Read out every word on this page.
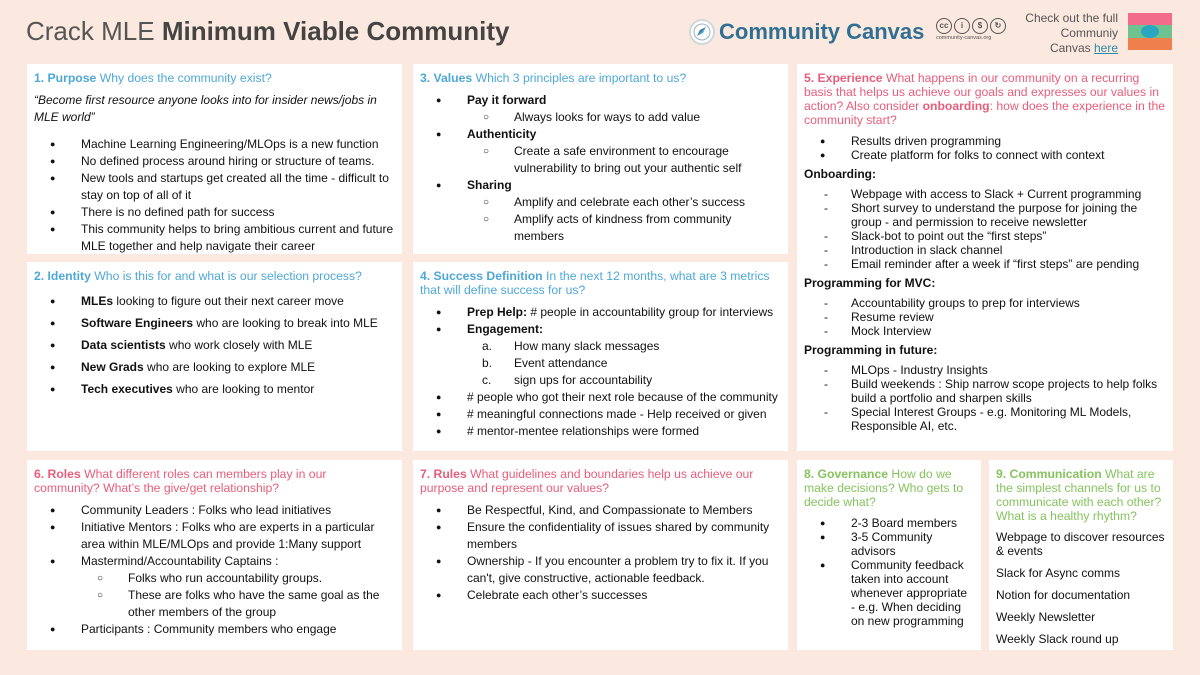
Crack MLE Minimum Viable Community	Community Canvas	cc	i	$	↻
community-canvas.org
Check out the full Communiy Canvas here
1. Purpose Why does the community exist?
“Become first resource anyone looks into for insider news/jobs in MLE world”
● Machine Learning Engineering/MLOps is a new function
● No defined process around hiring or structure of teams.
● New tools and startups get created all the time - difficult to stay on top of all of it
● There is no defined path for success
● This community helps to bring ambitious current and future MLE together and help navigate their career
3. Values Which 3 principles are important to us?
● Pay it forward
○ Always looks for ways to add value
● Authenticity
○ Create a safe environment to encourage vulnerability to bring out your authentic self
● Sharing
○ Amplify and celebrate each other’s success
○ Amplify acts of kindness from community members
5. Experience What happens in our community on a recurring basis that helps us achieve our goals and expresses our values in action? Also consider onboarding: how does the experience in the community start?
● Results driven programming
● Create platform for folks to connect with context
Onboarding:
- Webpage with access to Slack + Current programming
- Short survey to understand the purpose for joining the group - and permission to receive newsletter
- Slack-bot to point out the “first steps”
- Introduction in slack channel
- Email reminder after a week if “first steps” are pending
Programming for MVC:
- Accountability groups to prep for interviews
- Resume review
- Mock Interview
Programming in future:
- MLOps - Industry Insights
- Build weekends : Ship narrow scope projects to help folks build a portfolio and sharpen skills
- Special Interest Groups - e.g. Monitoring ML Models, Responsible AI, etc.
2. Identity Who is this for and what is our selection process?
● MLEs looking to figure out their next career move
● Software Engineers who are looking to break into MLE
● Data scientists who work closely with MLE
● New Grads who are looking to explore MLE
● Tech executives who are looking to mentor
4. Success Definition In the next 12 months, what are 3 metrics that will define success for us?
● Prep Help: # people in accountability group for interviews
● Engagement:
a. How many slack messages
b. Event attendance
c. sign ups for accountability
● # people who got their next role because of the community
● # meaningful connections made - Help received or given
● # mentor-mentee relationships were formed
6. Roles What different roles can members play in our community? What’s the give/get relationship?
● Community Leaders : Folks who lead initiatives
● Initiative Mentors : Folks who are experts in a particular area within MLE/MLOps and provide 1:Many support
● Mastermind/Accountability Captains :
○ Folks who run accountability groups.
○ These are folks who have the same goal as the other members of the group
● Participants : Community members who engage
7. Rules What guidelines and boundaries help us achieve our purpose and represent our values?
● Be Respectful, Kind, and Compassionate to Members
● Ensure the confidentiality of issues shared by community members
● Ownership - If you encounter a problem try to fix it. If you can't, give constructive, actionable feedback.
● Celebrate each other’s successes
8. Governance How do we make decisions? Who gets to decide what?
● 2-3 Board members
● 3-5 Community advisors
● Community feedback taken into account whenever appropriate - e.g. When deciding on new programming
9. Communication What are the simplest channels for us to communicate with each other? What is a healthy rhythm?
Webpage to discover resources & events
Slack for Async comms
Notion for documentation
Weekly Newsletter
Weekly Slack round up
